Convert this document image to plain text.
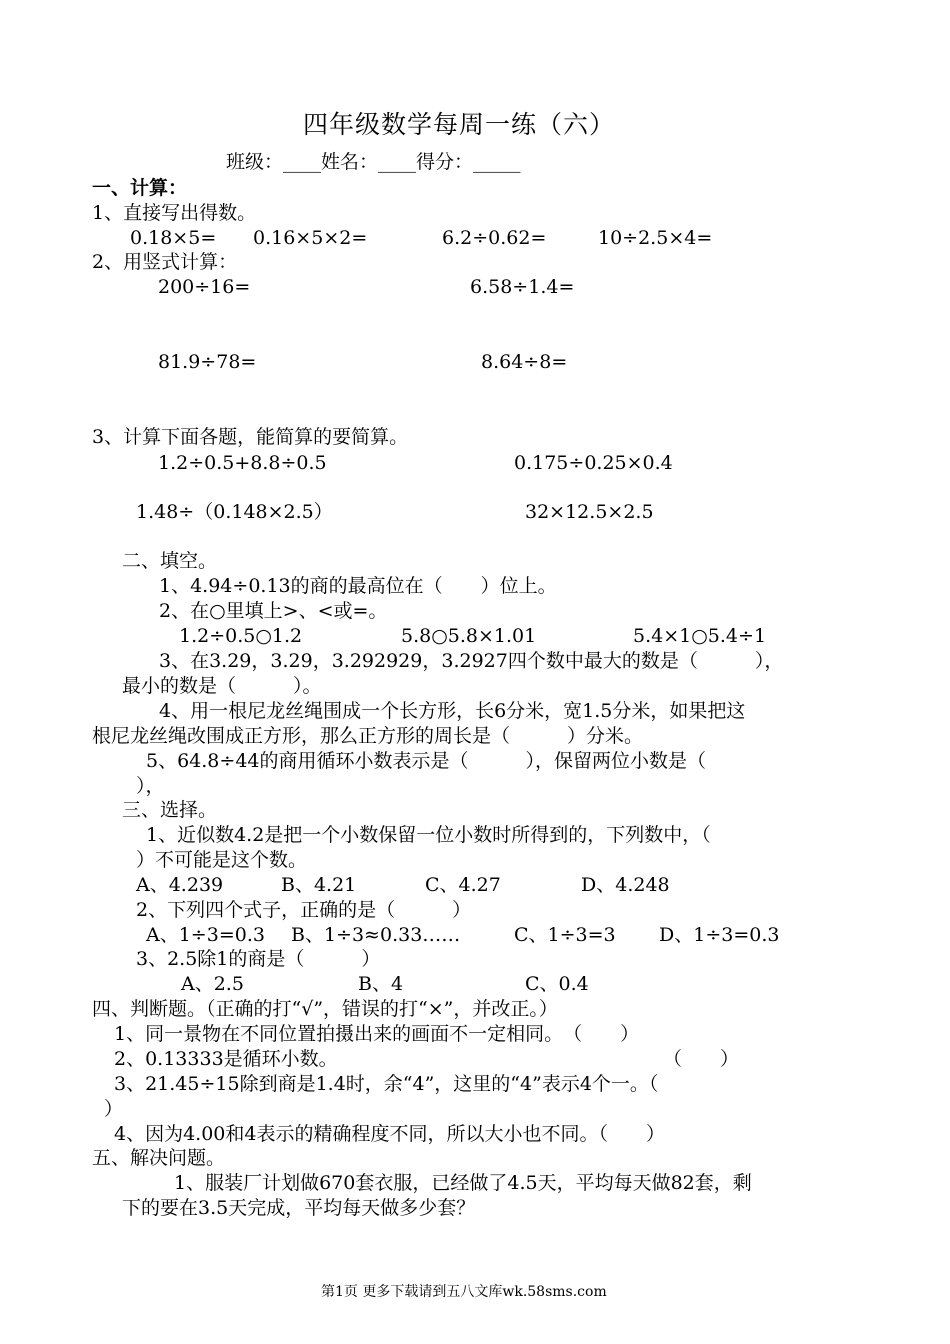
四年级数学每周一练（六）
班级：____姓名：____得分：_____
一、计算：
1、直接写出得数。
0.18×5= 0.16×5×2=	6.2÷0.62=	10÷2.5×4=
2、用竖式计算：
200÷16=	6.58÷1.4=
81.9÷78=	8.64÷8=
3、计算下面各题，能简算的要简算。
1.2÷0.5+8.8÷0.5	0.175÷0.25×0.4
1.48÷（0.148×2.5）	32×12.5×2.5
二、填空。
1、4.94÷0.13的商的最高位在（　　）位上。
2、在○里填上>、<或=。
1.2÷0.5○1.2	5.8○5.8×1.01	5.4×1○5.4÷1
3、在3.29，3.29，3.292929，3.2927四个数中最大的数是（　　　），
最小的数是（　　　）。
4、用一根尼龙丝绳围成一个长方形，长6分米，宽1.5分米，如果把这
根尼龙丝绳改围成正方形，那么正方形的周长是（　　　）分米。
5、64.8÷44的商用循环小数表示是（　　　），保留两位小数是（
），
三、选择。
1、近似数4.2是把一个小数保留一位小数时所得到的，下列数中，（
）不可能是这个数。
A、4.239	B、4.21	C、4.27	D、4.248
2、下列四个式子，正确的是（　　　）
A、1÷3=0.3 B、1÷3≈0.33……	C、1÷3=3 D、1÷3=0.3
3、2.5除1的商是（　　　）
A、2.5	B、4	C、0.4
四、判断题。（正确的打“√”，错误的打“×”，并改正。）
1、同一景物在不同位置拍摄出来的画面不一定相同。　（　　）
2、0.13333是循环小数。	（　　）
3、21.45÷15除到商是1.4时，余“4”，这里的“4”表示4个一。（
）
4、因为4.00和4表示的精确程度不同，所以大小也不同。（　　）
五、解决问题。
1、服装厂计划做670套衣服，已经做了4.5天，平均每天做82套，剩
下的要在3.5天完成，平均每天做多少套？
第1页 更多下载请到五八文库wk.58sms.com
